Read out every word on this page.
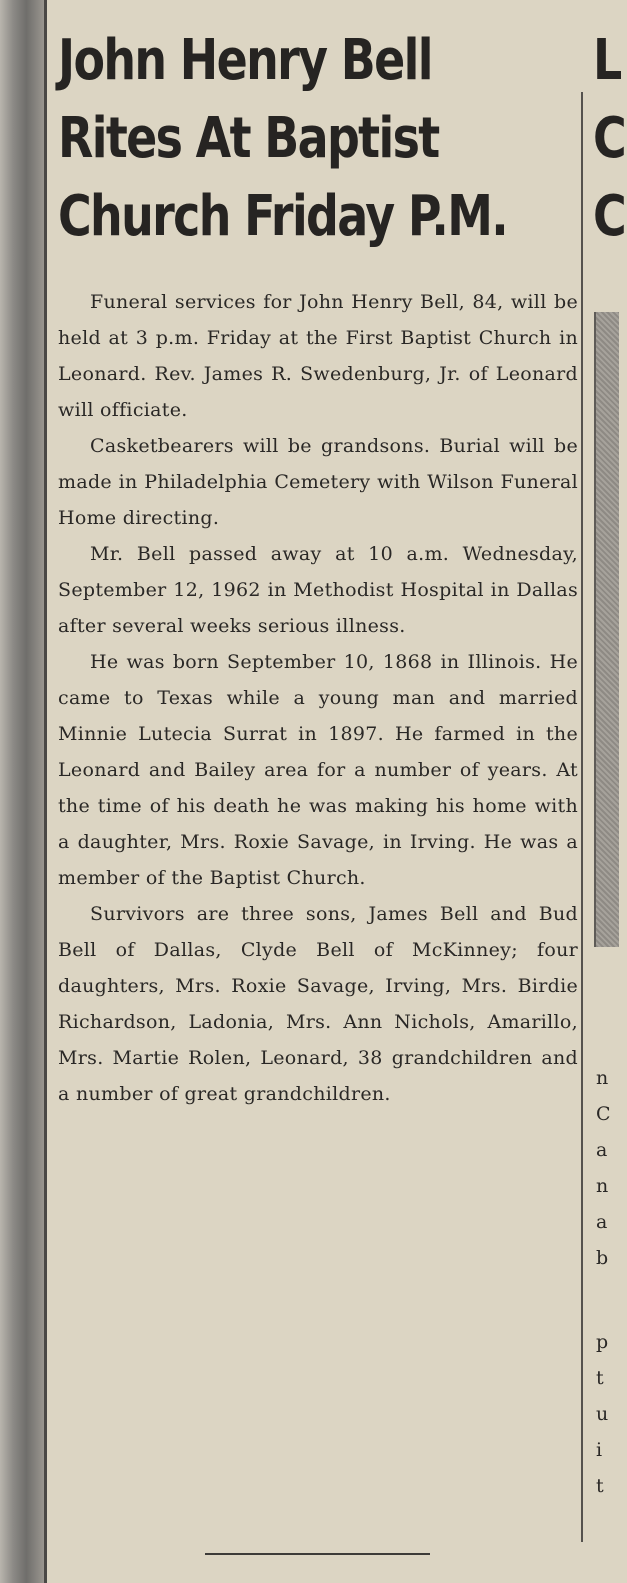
John Henry Bell
Rites At Baptist
Church Friday P.M.

Funeral services for John Henry Bell, 84, will be held at 3 p.m. Friday at the First Baptist Church in Leonard. Rev. James R. Swedenburg, Jr. of Leonard will officiate.

Casketbearers will be grandsons. Burial will be made in Philadelphia Cemetery with Wilson Funeral Home directing.

Mr. Bell passed away at 10 a.m. Wednesday, September 12, 1962 in Methodist Hospital in Dallas after several weeks serious illness.

He was born September 10, 1868 in Illinois. He came to Texas while a young man and married Minnie Lutecia Surrat in 1897. He farmed in the Leonard and Bailey area for a number of years. At the time of his death he was making his home with a daughter, Mrs. Roxie Savage, in Irving. He was a member of the Baptist Church.

Survivors are three sons, James Bell and Bud Bell of Dallas, Clyde Bell of McKinney; four daughters, Mrs. Roxie Savage, Irving, Mrs. Birdie Richardson, Ladonia, Mrs. Ann Nichols, Amarillo, Mrs. Martie Rolen, Leonard, 38 grandchildren and a number of great grandchildren.

L
C
C
n
C
a
n
a
b
p
t
u
i
t
